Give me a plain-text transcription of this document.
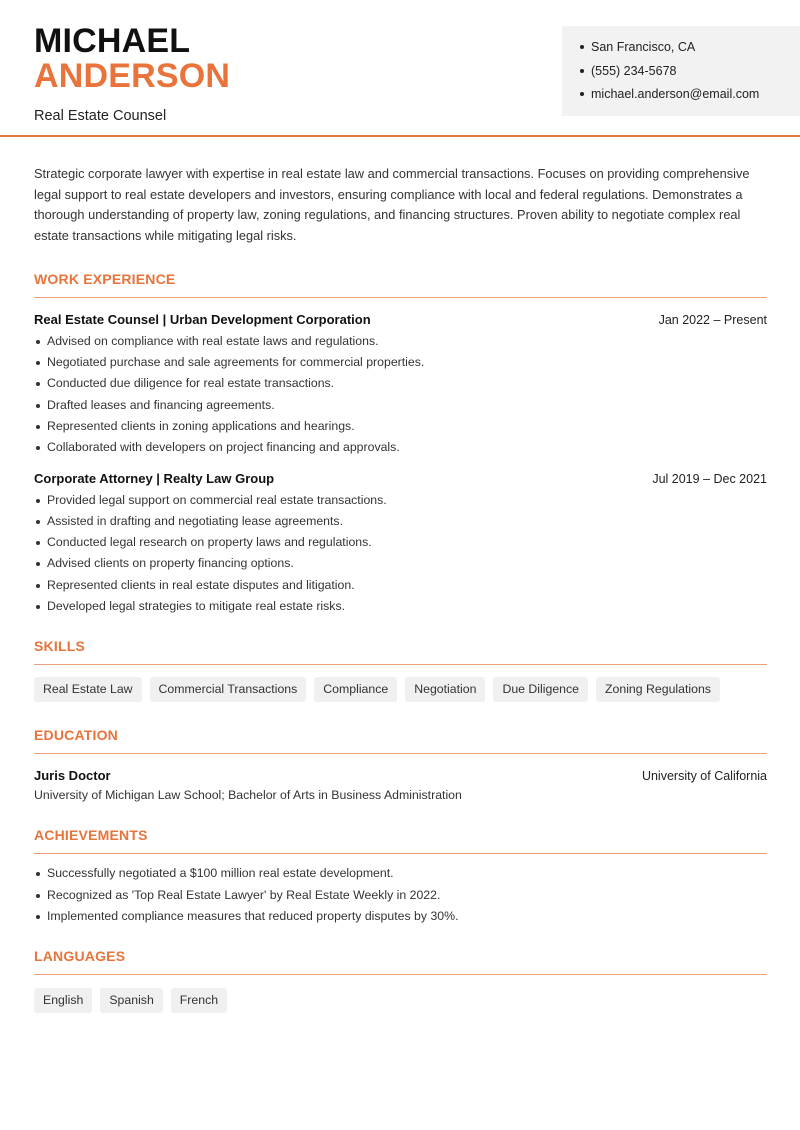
MICHAEL
ANDERSON
Real Estate Counsel
San Francisco, CA
(555) 234-5678
michael.anderson@email.com

Strategic corporate lawyer with expertise in real estate law and commercial transactions. Focuses on providing comprehensive legal support to real estate developers and investors, ensuring compliance with local and federal regulations. Demonstrates a thorough understanding of property law, zoning regulations, and financing structures. Proven ability to negotiate complex real estate transactions while mitigating legal risks.

WORK EXPERIENCE
Real Estate Counsel | Urban Development Corporation	Jan 2022 – Present
Advised on compliance with real estate laws and regulations.
Negotiated purchase and sale agreements for commercial properties.
Conducted due diligence for real estate transactions.
Drafted leases and financing agreements.
Represented clients in zoning applications and hearings.
Collaborated with developers on project financing and approvals.
Corporate Attorney | Realty Law Group	Jul 2019 – Dec 2021
Provided legal support on commercial real estate transactions.
Assisted in drafting and negotiating lease agreements.
Conducted legal research on property laws and regulations.
Advised clients on property financing options.
Represented clients in real estate disputes and litigation.
Developed legal strategies to mitigate real estate risks.
SKILLS
Real Estate Law	Commercial Transactions	Compliance	Negotiation	Due Diligence	Zoning Regulations
EDUCATION
Juris Doctor	University of California
University of Michigan Law School; Bachelor of Arts in Business Administration
ACHIEVEMENTS
Successfully negotiated a $100 million real estate development.
Recognized as 'Top Real Estate Lawyer' by Real Estate Weekly in 2022.
Implemented compliance measures that reduced property disputes by 30%.
LANGUAGES
English	Spanish	French
